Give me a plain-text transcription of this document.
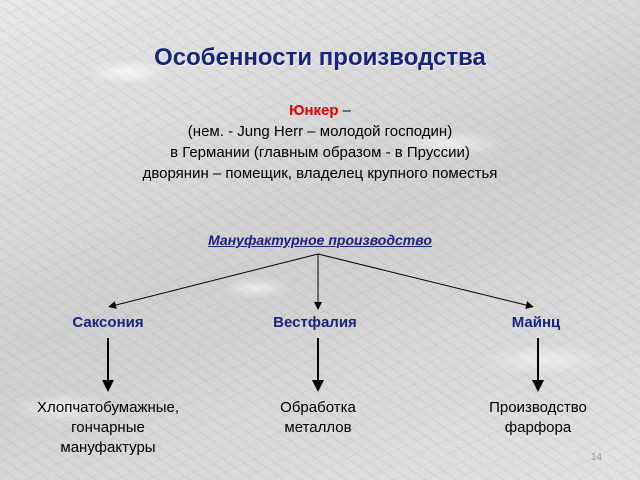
Особенности производства
Юнкер –
(нем. - Jung Herr – молодой господин)
в Германии (главным образом - в Пруссии)
дворянин – помещик, владелец крупного поместья
Мануфактурное производство
Саксония	Вестфалия	Майнц
Хлопчатобумажные,
гончарные
мануфактуры
Обработка
металлов
Производство
фарфора
14
